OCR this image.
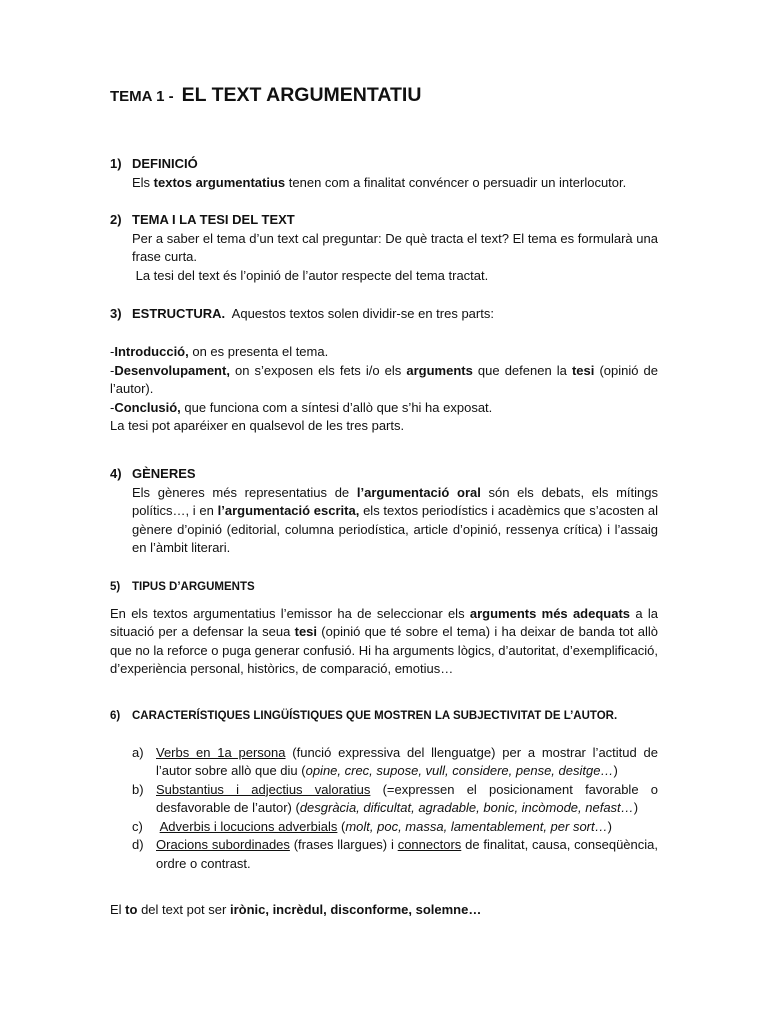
TEMA 1 - EL TEXT ARGUMENTATIU
1) DEFINICIÓ

Els textos argumentatius tenen com a finalitat convéncer o persuadir un interlocutor.

2) TEMA I LA TESI DEL TEXT

Per a saber el tema d’un text cal preguntar: De què tracta el text? El tema es formularà una frase curta.

La tesi del text és l’opinió de l’autor respecte del tema tractat.

3) ESTRUCTURA.  Aquestos textos solen dividir-se en tres parts:

-Introducció, on es presenta el tema.

-Desenvolupament, on s’exposen els fets i/o els arguments que defenen la tesi (opinió de l’autor).

-Conclusió, que funciona com a síntesi d’allò que s’hi ha exposat.

La tesi pot aparéixer en qualsevol de les tres parts.

4) GÈNERES

Els gèneres més representatius de l’argumentació oral són els debats, els mítings polítics…, i en l’argumentació escrita, els textos periodístics i acadèmics que s’acosten al gènere d’opinió (editorial, columna periodística, article d’opinió, ressenya crítica) i l’assaig en l’àmbit literari.

5) TIPUS D’ARGUMENTS

En els textos argumentatius l’emissor ha de seleccionar els arguments més adequats a la situació per a defensar la seua tesi (opinió que té sobre el tema) i ha deixar de banda tot allò que no la reforce o puga generar confusió. Hi ha arguments lògics, d’autoritat, d’exemplificació, d’experiència personal, històrics, de comparació, emotius…

6) CARACTERÍSTIQUES LINGÜÍSTIQUES QUE MOSTREN LA SUBJECTIVITAT DE L’AUTOR.
a) Verbs en 1a persona (funció expressiva del llenguatge) per a mostrar l’actitud de l’autor sobre allò que diu (opine, crec, supose, vull, considere, pense, desitge…)
b) Substantius i adjectius valoratius (=expressen el posicionament favorable o desfavorable de l’autor) (desgràcia, dificultat, agradable, bonic, incòmode, nefast…)
c) Adverbis i locucions adverbials (molt, poc, massa, lamentablement, per sort…)
d) Oracions subordinades (frases llargues) i connectors de finalitat, causa, conseqüència, ordre o contrast.

El to del text pot ser irònic, incrèdul, disconforme, solemne…
